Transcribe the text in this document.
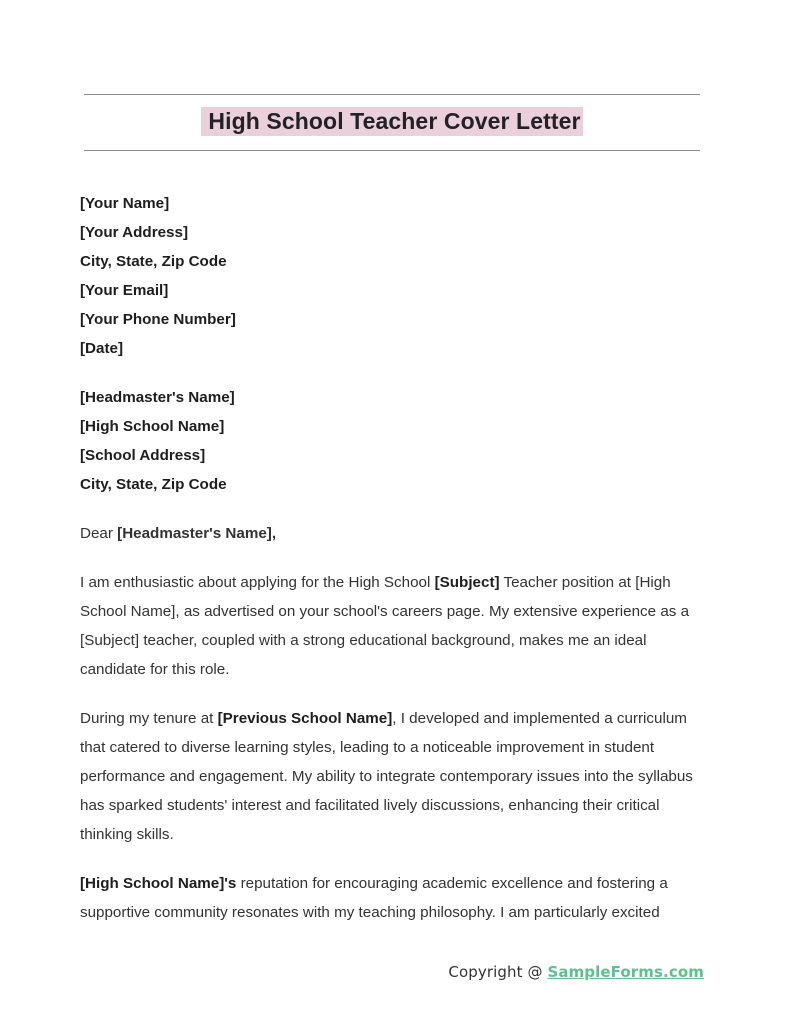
High School Teacher Cover Letter
[Your Name]
[Your Address]
City, State, Zip Code
[Your Email]
[Your Phone Number]
[Date]
[Headmaster's Name]
[High School Name]
[School Address]
City, State, Zip Code
Dear [Headmaster's Name],

I am enthusiastic about applying for the High School [Subject] Teacher position at [High School Name], as advertised on your school's careers page. My extensive experience as a [Subject] teacher, coupled with a strong educational background, makes me an ideal candidate for this role.

During my tenure at [Previous School Name], I developed and implemented a curriculum that catered to diverse learning styles, leading to a noticeable improvement in student performance and engagement. My ability to integrate contemporary issues into the syllabus has sparked students' interest and facilitated lively discussions, enhancing their critical thinking skills.

[High School Name]'s reputation for encouraging academic excellence and fostering a supportive community resonates with my teaching philosophy. I am particularly excited

Copyright @ SampleForms.com
